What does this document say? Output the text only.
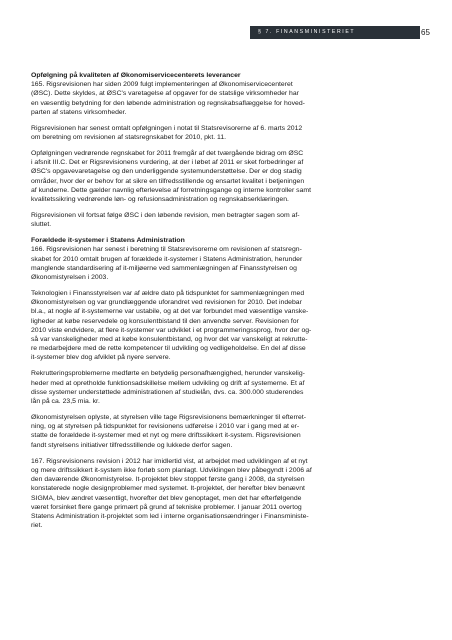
§ 7. FINANSMINISTERIET	65
Opfølgning på kvaliteten af Økonomiservicecenterets leverancer
165. Rigsrevisionen har siden 2009 fulgt implementeringen af Økonomiservicecenteret
(ØSC). Dette skyldes, at ØSC's varetagelse af opgaver for de statslige virksomheder har
en væsentlig betydning for den løbende administration og regnskabsaflæggelse for hoved-
parten af statens virksomheder.
Rigsrevisionen har senest omtalt opfølgningen i notat til Statsrevisorerne af 6. marts 2012
om beretning om revisionen af statsregnskabet for 2010, pkt. 11.
Opfølgningen vedrørende regnskabet for 2011 fremgår af det tværgående bidrag om ØSC
i afsnit III.C. Det er Rigsrevisionens vurdering, at der i løbet af 2011 er sket forbedringer af
ØSC's opgavevaretagelse og den underliggende systemunderstøttelse. Der er dog stadig
områder, hvor der er behov for at sikre en tilfredsstillende og ensartet kvalitet i betjeningen
af kunderne. Dette gælder navnlig efterlevelse af forretningsgange og interne kontroller samt
kvalitetssikring vedrørende løn- og refusionsadministration og regnskabserklæringen.
Rigsrevisionen vil fortsat følge ØSC i den løbende revision, men betragter sagen som af-
sluttet.
Forældede it-systemer i Statens Administration
166. Rigsrevisionen har senest i beretning til Statsrevisorerne om revisionen af statsregn-
skabet for 2010 omtalt brugen af forældede it-systemer i Statens Administration, herunder
manglende standardisering af it-miljøerne ved sammenlægningen af Finansstyrelsen og
Økonomistyrelsen i 2003.
Teknologien i Finansstyrelsen var af ældre dato på tidspunktet for sammenlægningen med
Økonomistyrelsen og var grundlæggende uforandret ved revisionen for 2010. Det indebar
bl.a., at nogle af it-systemerne var ustabile, og at det var forbundet med væsentlige vanske-
ligheder at købe reservedele og konsulentbistand til den anvendte server. Revisionen for
2010 viste endvidere, at flere it-systemer var udviklet i et programmeringssprog, hvor der og-
så var vanskeligheder med at købe konsulentbistand, og hvor det var vanskeligt at rekrutte-
re medarbejdere med de rette kompetencer til udvikling og vedligeholdelse. En del af disse
it-systemer blev dog afviklet på nyere servere.
Rekrutteringsproblemerne medførte en betydelig personafhængighed, herunder vanskelig-
heder med at opretholde funktionsadskillelse mellem udvikling og drift af systemerne. Et af
disse systemer understøttede administrationen af studielån, dvs. ca. 300.000 studerendes
lån på ca. 23,5 mia. kr.
Økonomistyrelsen oplyste, at styrelsen ville tage Rigsrevisionens bemærkninger til efterret-
ning, og at styrelsen på tidspunktet for revisionens udførelse i 2010 var i gang med at er-
statte de forældede it-systemer med et nyt og mere driftssikkert it-system. Rigsrevisionen
fandt styrelsens initiativer tilfredsstillende og lukkede derfor sagen.
167. Rigsrevisionens revision i 2012 har imidlertid vist, at arbejdet med udviklingen af et nyt
og mere driftssikkert it-system ikke forløb som planlagt. Udviklingen blev påbegyndt i 2006 af
den daværende Økonomistyrelse. It-projektet blev stoppet første gang i 2008, da styrelsen
konstaterede nogle designproblemer med systemet. It-projektet, der herefter blev benævnt
SIGMA, blev ændret væsentligt, hvorefter det blev genoptaget, men det har efterfølgende
været forsinket flere gange primært på grund af tekniske problemer. I januar 2011 overtog
Statens Administration it-projektet som led i interne organisationsændringer i Finansministe-
riet.
